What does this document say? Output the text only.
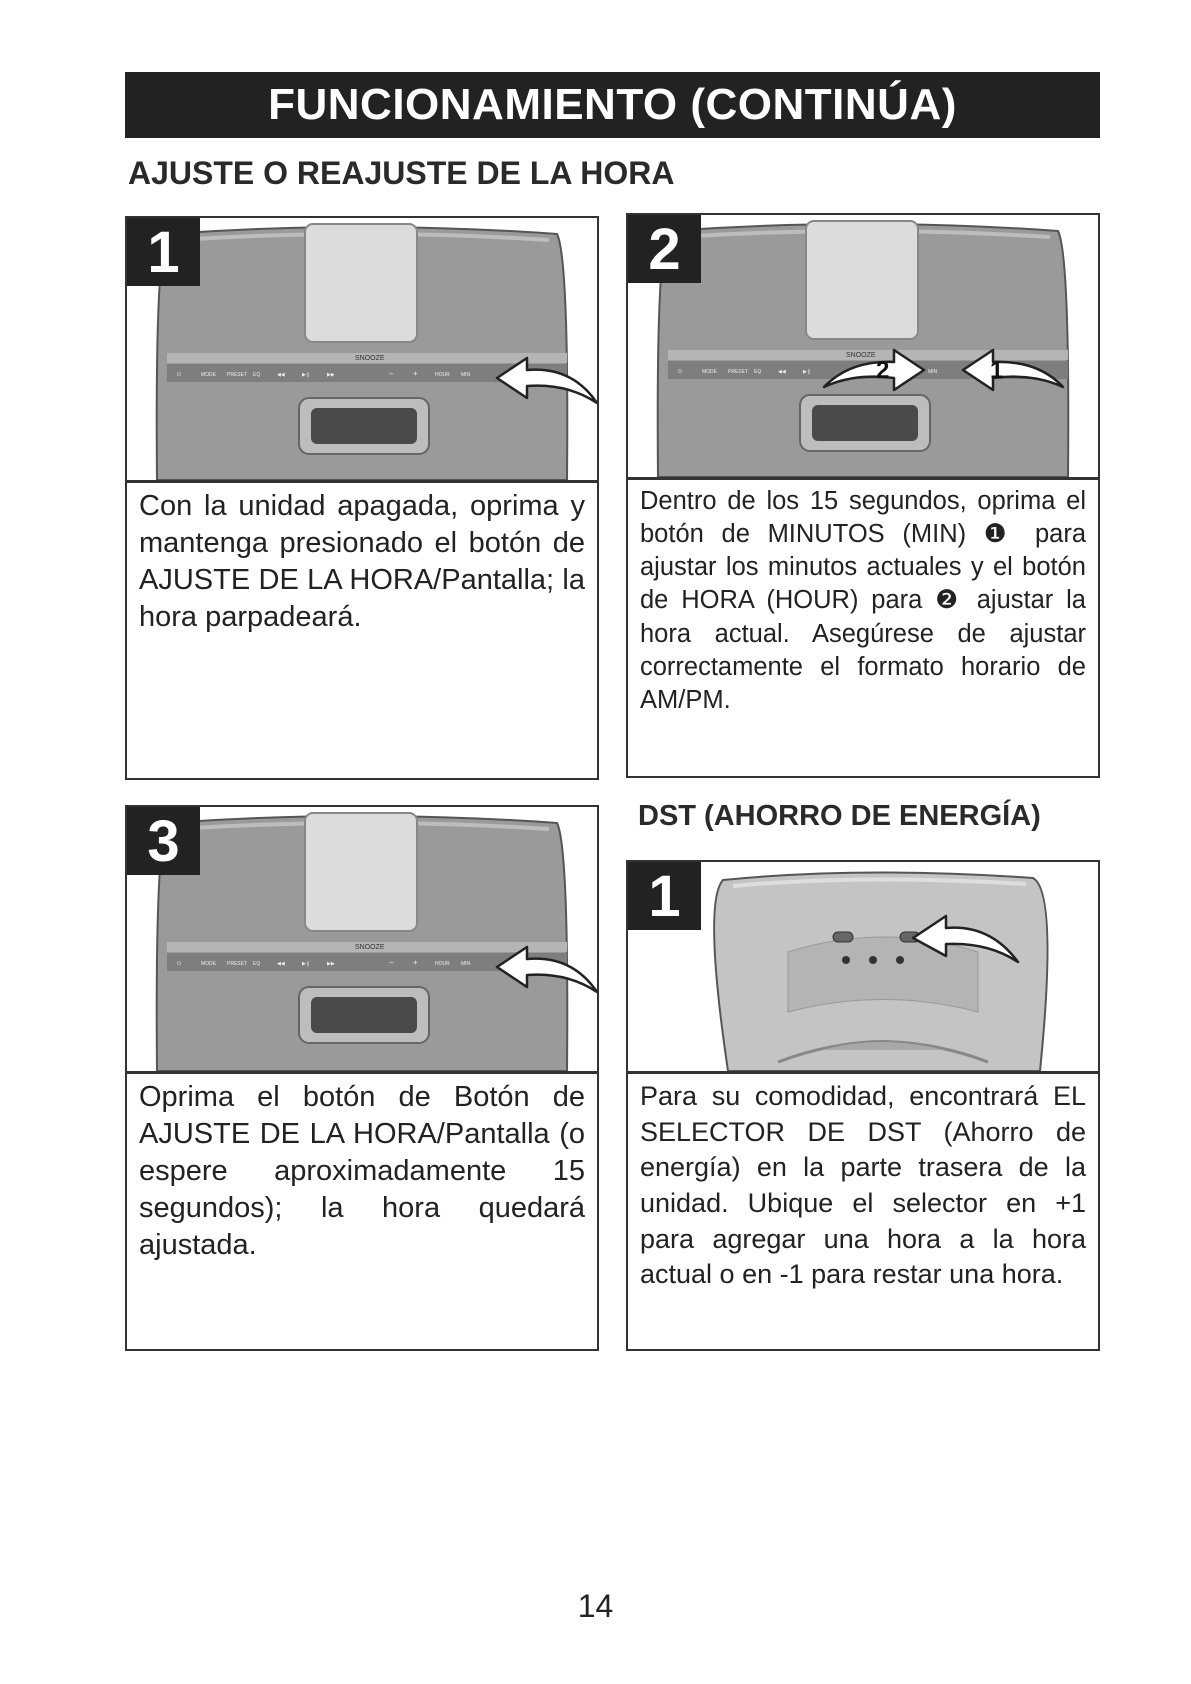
FUNCIONAMIENTO (CONTINÚA)
AJUSTE O REAJUSTE DE LA HORA
1
SNOOZE
⏻	MODE PRESET EQ	◀◀	▶❙	▶▶	– +	HOUR MIN
Con la unidad apagada, oprima y mantenga presionado el botón de AJUSTE DE LA HORA/Pantalla; la hora parpadeará.
2
SNOOZE
⏻	MODE PRESET EQ	◀◀	▶❙	MIN
2	1
Dentro de los 15 segundos, oprima el botón de MINUTOS (MIN) ❶ para ajustar los minutos actuales y el botón de HORA (HOUR) para ❷ ajustar la hora actual. Asegúrese de ajustar correctamente el formato horario de AM/PM.
DST (AHORRO DE ENERGÍA)
3
SNOOZE
⏻	MODE PRESET EQ	◀◀	▶❙	▶▶	– +	HOUR MIN
Oprima el botón de Botón de AJUSTE DE LA HORA/Pantalla (o espere aproximadamente 15 segundos); la hora quedará ajustada.
1
Para su comodidad, encontrará EL SELECTOR DE DST (Ahorro de energía) en la parte trasera de la unidad. Ubique el selector en +1 para agregar una hora a la hora actual o en -1 para restar una hora.
14
